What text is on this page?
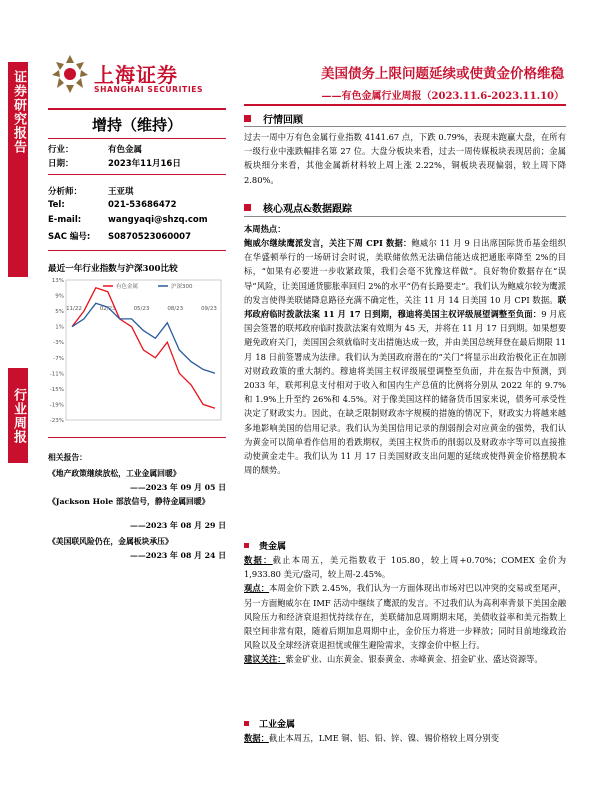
证券研究报告
行业周报
上海证券
SHANGHAI SECURITIES
美国债务上限问题延续或使黄金价格维稳
——有色金属行业周报（2023.11.6-2023.11.10）
增持（维持）
行业：	有色金属
日期：	2023年11月16日
分析师：	王亚琪
Tel:	021-53686472
E-mail:	wangyaqi@shzq.com
SAC 编号: S0870523060007
最近一年行业指数与沪深300比较
13%
9%
5%
1%
-3%
-7%
-11%
-15%
-19%
-23%
11/22	02/23	05/23	08/23	09/23
有色金属	沪深300
相关报告：
《地产政策继续放松，工业金属回暖》
——2023 年 09 月 05 日
《Jackson Hole 部放信号，静待金属回暖》
——2023 年 08 月 29 日
《美国联风险仍在，金属板块承压》
——2023 年 08 月 24 日
行情回顾
过去一周中万有色金属行业指数 4141.67 点，下跌 0.79%，表现未跑赢大盘，在所有一级行业中涨跌幅排名第 27 位。大盘分板块来看，过去一周传媒板块表现居前；金属板块细分来看，其他金属新材料较上周上涨 2.22%，铜板块表现偏弱，较上周下降 2.80%。
核心观点&数据跟踪
本周热点：
鲍威尔继续鹰派发言，关注下周 CPI 数据：鲍威尔 11 月 9 日出席国际货币基金组织在华盛顿举行的一场研讨会时说，美联储依然无法确信能达成把通胀率降至 2%的目标，“如果有必要进一步收紧政策，我们会毫不犹豫这样做”。良好物价数据存在“误导”风险，让美国通货膨胀率回归 2%的水平“仍有长路要走”。我们认为鲍威尔较为鹰派的发言使得美联储降息路径充满不确定性，关注 11 月 14 日美国 10 月 CPI 数据。联邦政府临时拨款法案 11 月 17 日到期，穆迪将美国主权评级展望调整至负面：9 月底国会签署的联邦政府临时拨款法案有效期为 45 天，并将在 11 月 17 日到期。如果想要避免政府关门，美国国会须就临时支出措施达成一致，并由美国总统拜登在最后期限 11 月 18 日前签署成为法律。我们认为美国政府潜在的“关门”将显示出政治极化正在加剧对财政政策的重大制约。穆迪将美国主权评级展望调整至负面，并在报告中预测，到 2033 年，联邦利息支付相对于收入和国内生产总值的比例将分别从 2022 年的 9.7%和 1.9%上升至约 26%和 4.5%。对于像美国这样的储备货币国家来说，债务可承受性决定了财政实力。因此，在缺乏限制财政赤字规模的措施的情况下，财政实力将越来越多地影响美国的信用记录。我们认为美国信用记录的削弱削会对应黄金的强势，我们认为黄金可以简单看作信用的看跌期权，美国主权货币的削弱以及财政赤字等可以直接推动使黄金走牛。我们认为 11 月 17 日美国财政支出问题的延续或使得黄金价格摆脱本周的颓势。
贵金属
数据：截止本周五，美元指数收于 105.80，较上周+0.70%；COMEX 金价为 1,933.80 美元/盎司，较上周-2.45%。
观点：本周金价下跌 2.45%，我们认为一方面体现出市场对巴以冲突的交易或至尾声，另一方面鲍威尔在 IMF 活动中继续了鹰派的发言。不过我们认为高利率背景下美国金融风险压力和经济衰退担忧持续存在，美联储加息周期期末尾，美债收益率和美元指数上限空间非常有限，随着后期加息周期中止，金价压力将进一步释放；同时目前地缘政治风险以及全球经济衰退担忧或催生避险需求，支撑金价中枢上行。
建议关注：紫金矿业、山东黄金、银泰黄金、赤峰黄金、招金矿业、盛达资源等。
工业金属
数据：截止本周五，LME 铜、铝、铅、锌、镍、锡价格较上周分别变
